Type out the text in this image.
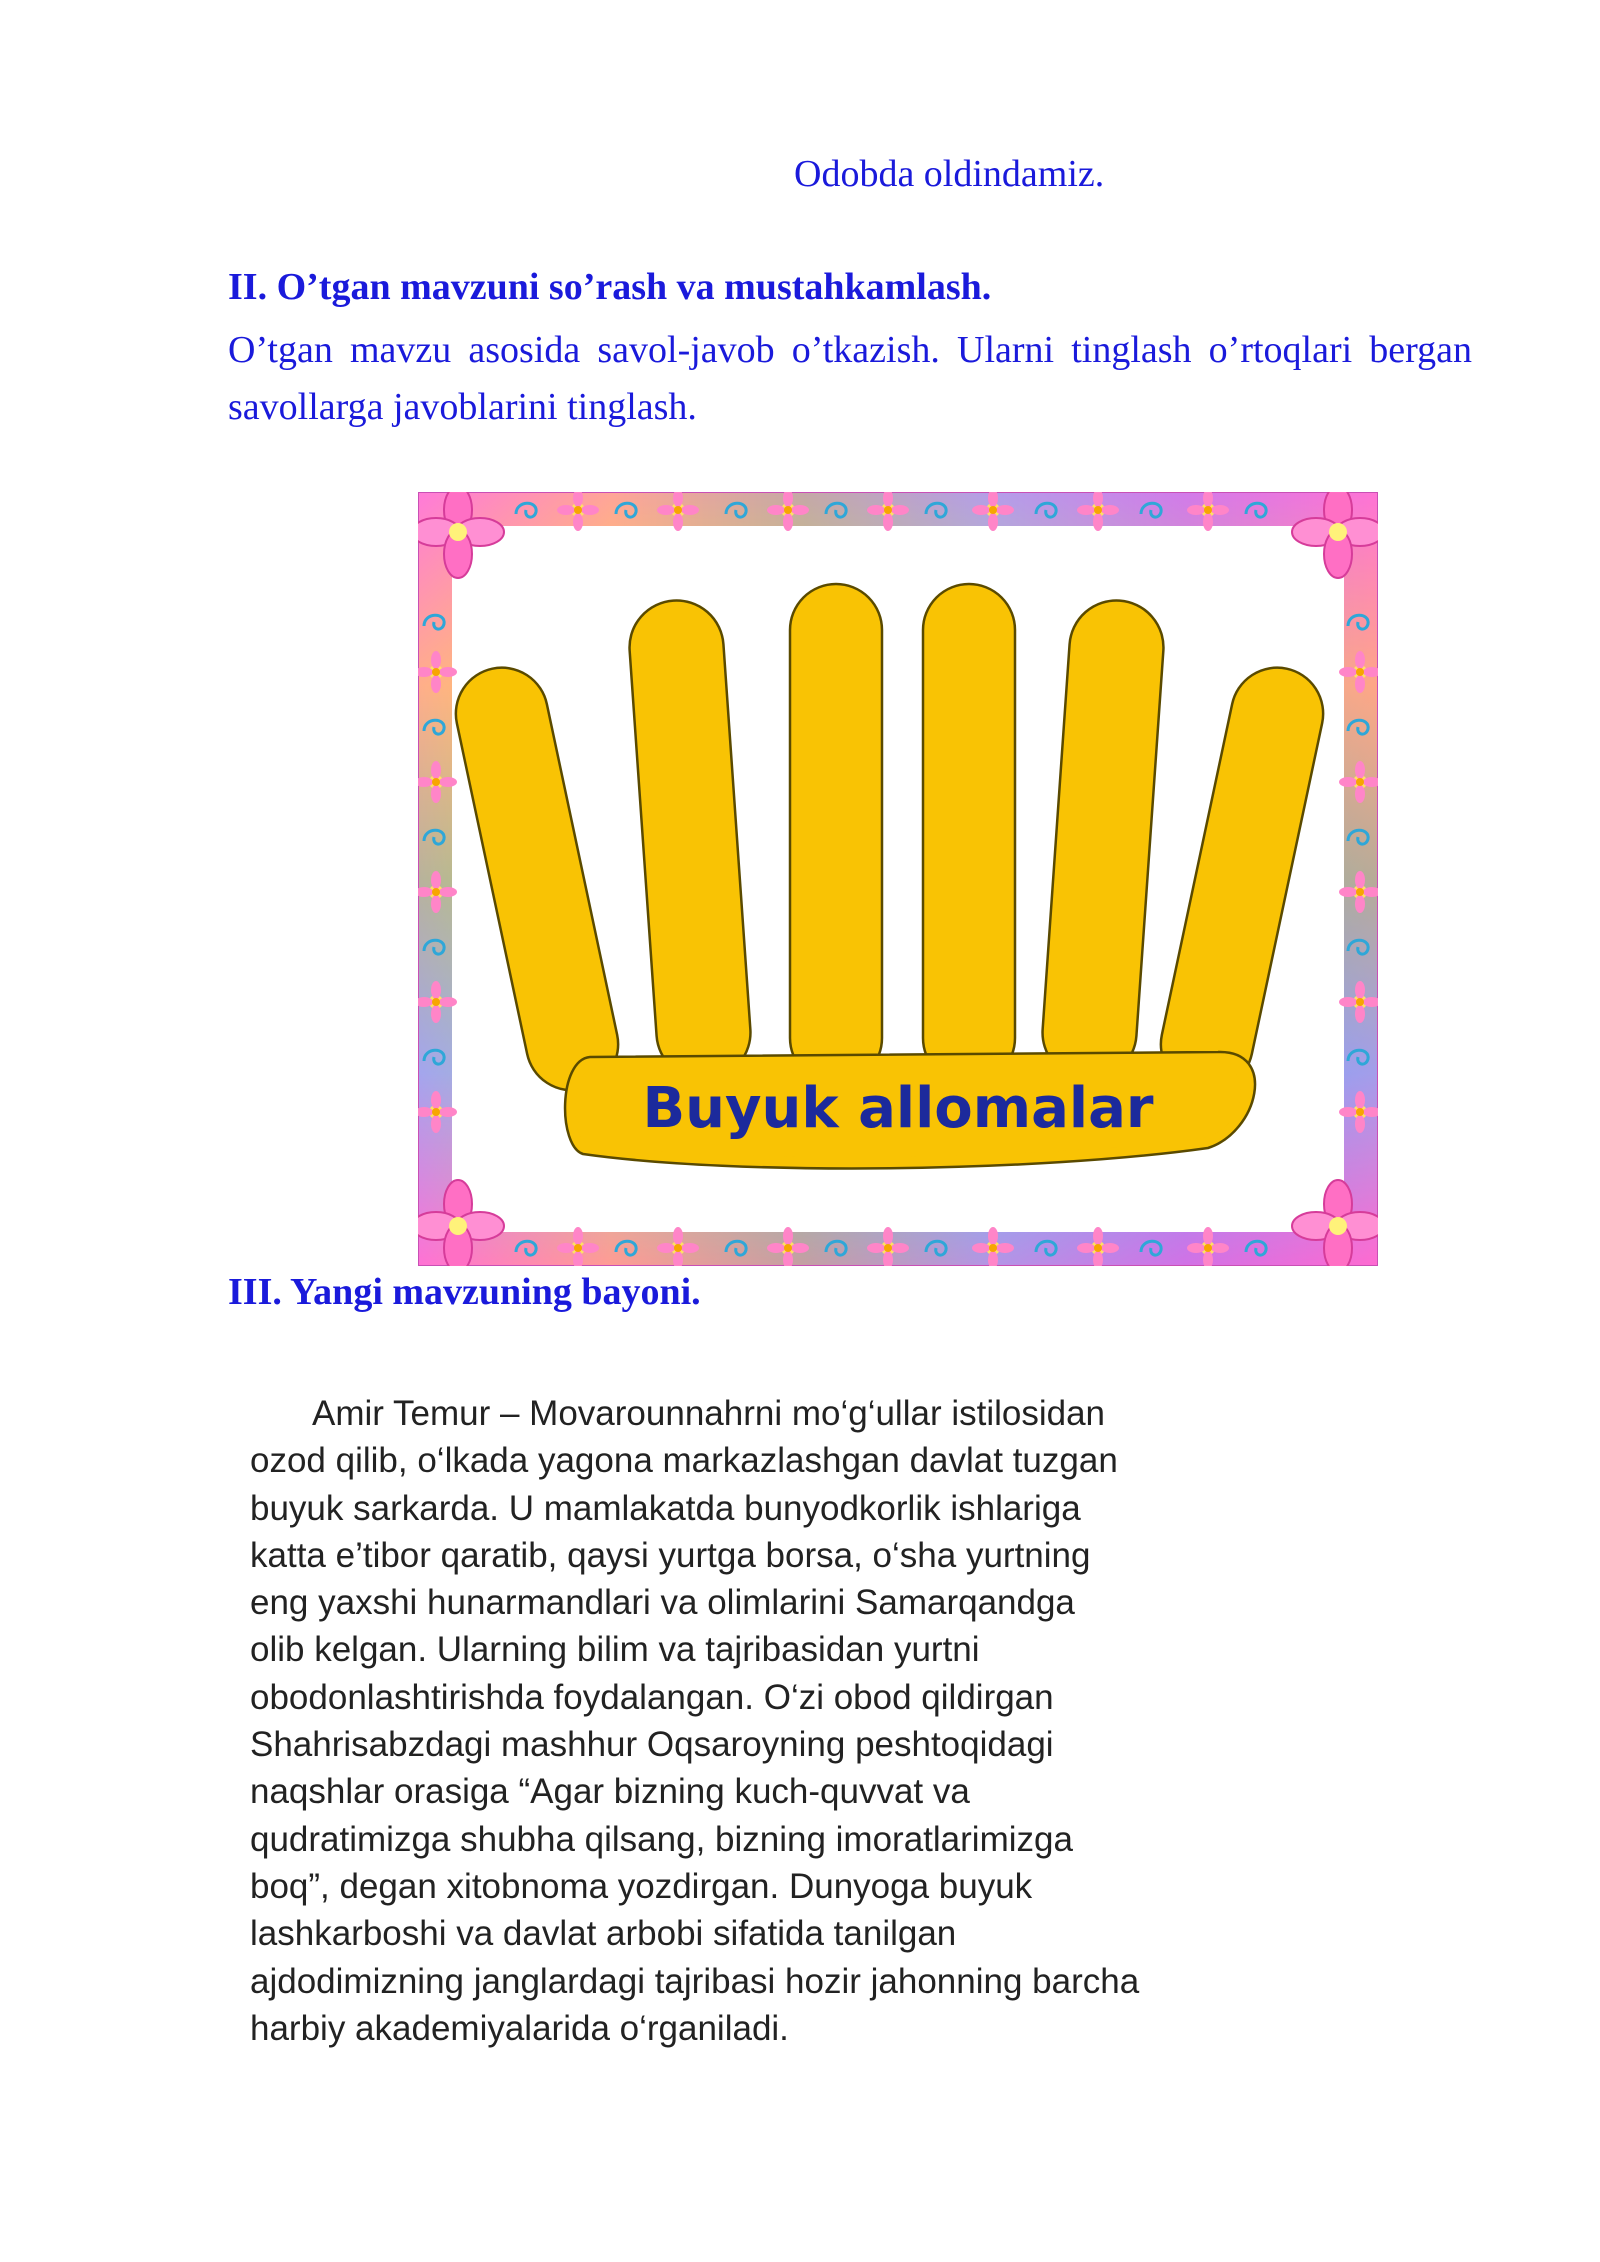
Odobda oldindamiz.

II. O’tgan mavzuni so’rash va mustahkamlash.

O’tgan mavzu asosida savol-javob o’tkazish. Ularni tinglash o’rtoqlari bergan savollarga javoblarini tinglash.

Buyuk allomalar
III. Yangi mavzuning bayoni.
Amir Temur – Movarounnahrni mo‘g‘ullar istilosidan
ozod qilib, o‘lkada yagona markazlashgan davlat tuzgan
buyuk sarkarda. U mamlakatda bunyodkorlik ishlariga
katta e’tibor qaratib, qaysi yurtga borsa, o‘sha yurtning
eng yaxshi hunarmandlari va olimlarini Samarqandga
olib kelgan. Ularning bilim va tajribasidan yurtni
obodonlashtirishda foydalangan. O‘zi obod qildirgan
Shahrisabzdagi mashhur Oqsaroyning peshtoqidagi
naqshlar orasiga “Agar bizning kuch-quvvat va
qudratimizga shubha qilsang, bizning imoratlarimizga
boq”, degan xitobnoma yozdirgan. Dunyoga buyuk
lashkarboshi va davlat arbobi sifatida tanilgan
ajdodimizning janglardagi tajribasi hozir jahonning barcha
harbiy akademiyalarida o‘rganiladi.
